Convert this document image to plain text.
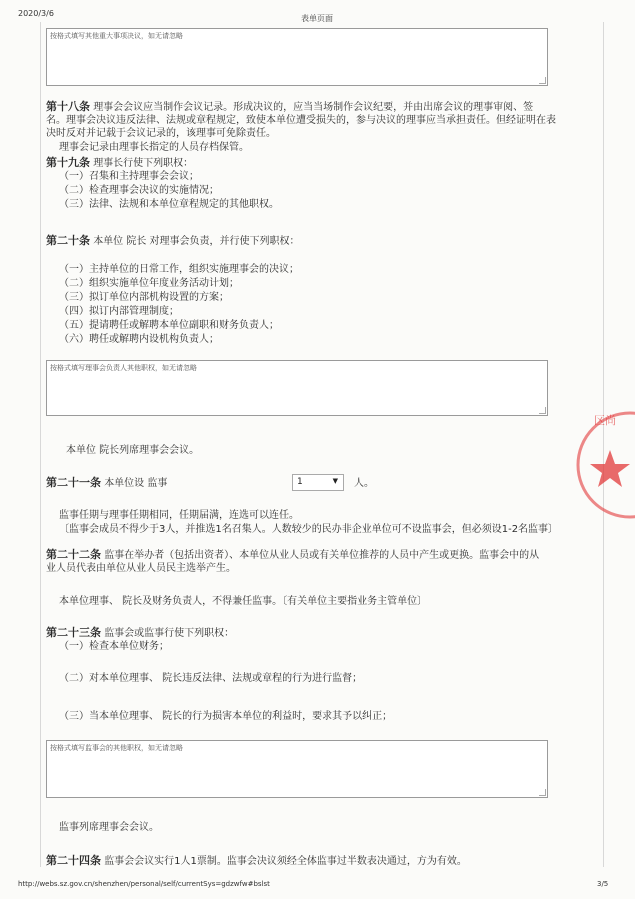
2020/3/6
表单页面
按格式填写其他重大事项决议，如无请忽略
第十八条 理事会会议应当制作会议记录。形成决议的，应当当场制作会议纪要，并由出席会议的理事审阅、签
名。理事会决议违反法律、法规或章程规定，致使本单位遭受损失的，参与决议的理事应当承担责任。但经证明在表
决时反对并记载于会议记录的，该理事可免除责任。
理事会记录由理事长指定的人员存档保管。
第十九条 理事长行使下列职权：
（一）召集和主持理事会会议；
（二）检查理事会决议的实施情况；
（三）法律、法规和本单位章程规定的其他职权。
第二十条 本单位 院长 对理事会负责，并行使下列职权：
（一）主持单位的日常工作，组织实施理事会的决议；
（二）组织实施单位年度业务活动计划；
（三）拟订单位内部机构设置的方案；
（四）拟订内部管理制度；
（五）提请聘任或解聘本单位副职和财务负责人；
（六）聘任或解聘内设机构负责人；
按格式填写理事会负责人其他职权，如无请忽略
本单位 院长列席理事会会议。
第二十一条 本单位设 监事	1	▼ 人。
监事任期与理事任期相同，任期届满，连选可以连任。
〔监事会成员不得少于3人，并推选1名召集人。人数较少的民办非企业单位可不设监事会，但必须设1-2名监事〕
第二十二条 监事在举办者（包括出资者）、本单位从业人员或有关单位推荐的人员中产生或更换。监事会中的从
业人员代表由单位从业人员民主选举产生。
本单位理事、 院长及财务负责人，不得兼任监事。〔有关单位主要指业务主管单位〕
第二十三条 监事会或监事行使下列职权：
（一）检查本单位财务；
（二）对本单位理事、 院长违反法律、法规或章程的行为进行监督；
（三）当本单位理事、 院长的行为损害本单位的利益时，要求其予以纠正；
按格式填写监事会的其他职权，如无请忽略
监事列席理事会会议。
第二十四条 监事会会议实行1人1票制。监事会决议须经全体监事过半数表决通过，方为有效。
http://webs.sz.gov.cn/shenzhen/personal/self/currentSys=gdzwfw#bslst	3/5
区尚
